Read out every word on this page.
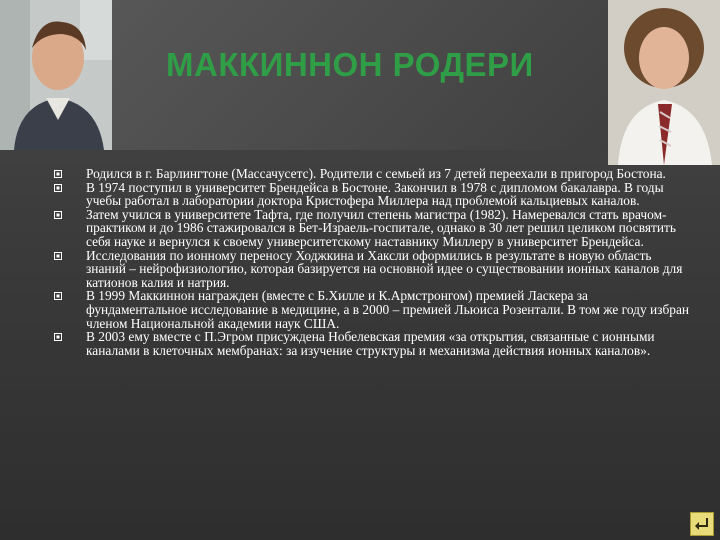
МАККИННОН РОДЕРИ
Родился в г. Барлингтоне (Массачусетс). Родители с семьей из 7 детей переехали в пригород Бостона.
В 1974 поступил в университет Брендейса в Бостоне. Закончил в 1978 с дипломом бакалавра. В годы учебы работал в лаборатории доктора Кристофера Миллера над проблемой кальциевых каналов.
Затем учился в университете Тафта, где получил степень магистра (1982). Намеревался стать врачом-практиком и до 1986 стажировался в Бет-Израель-госпитале, однако в 30 лет решил целиком посвятить себя науке и вернулся к своему университетскому наставнику Миллеру в университет Брендейса.
Исследования по ионному переносу Ходжкина и Хаксли оформились в результате в новую область знаний – нейрофизиологию, которая базируется на основной идее о существовании ионных каналов для катионов калия и натрия.
В 1999 Маккиннон награжден (вместе с Б.Хилле и К.Армстронгом) премией Ласкера за фундаментальное исследование в медицине, а в 2000 – премией Льюиса Розентали. В том же году избран членом Национальной академии наук США.
В 2003 ему вместе с П.Эгром присуждена Нобелевская премия «за открытия, связанные с ионными каналами в клеточных мембранах: за изучение структуры и механизма действия ионных каналов».
